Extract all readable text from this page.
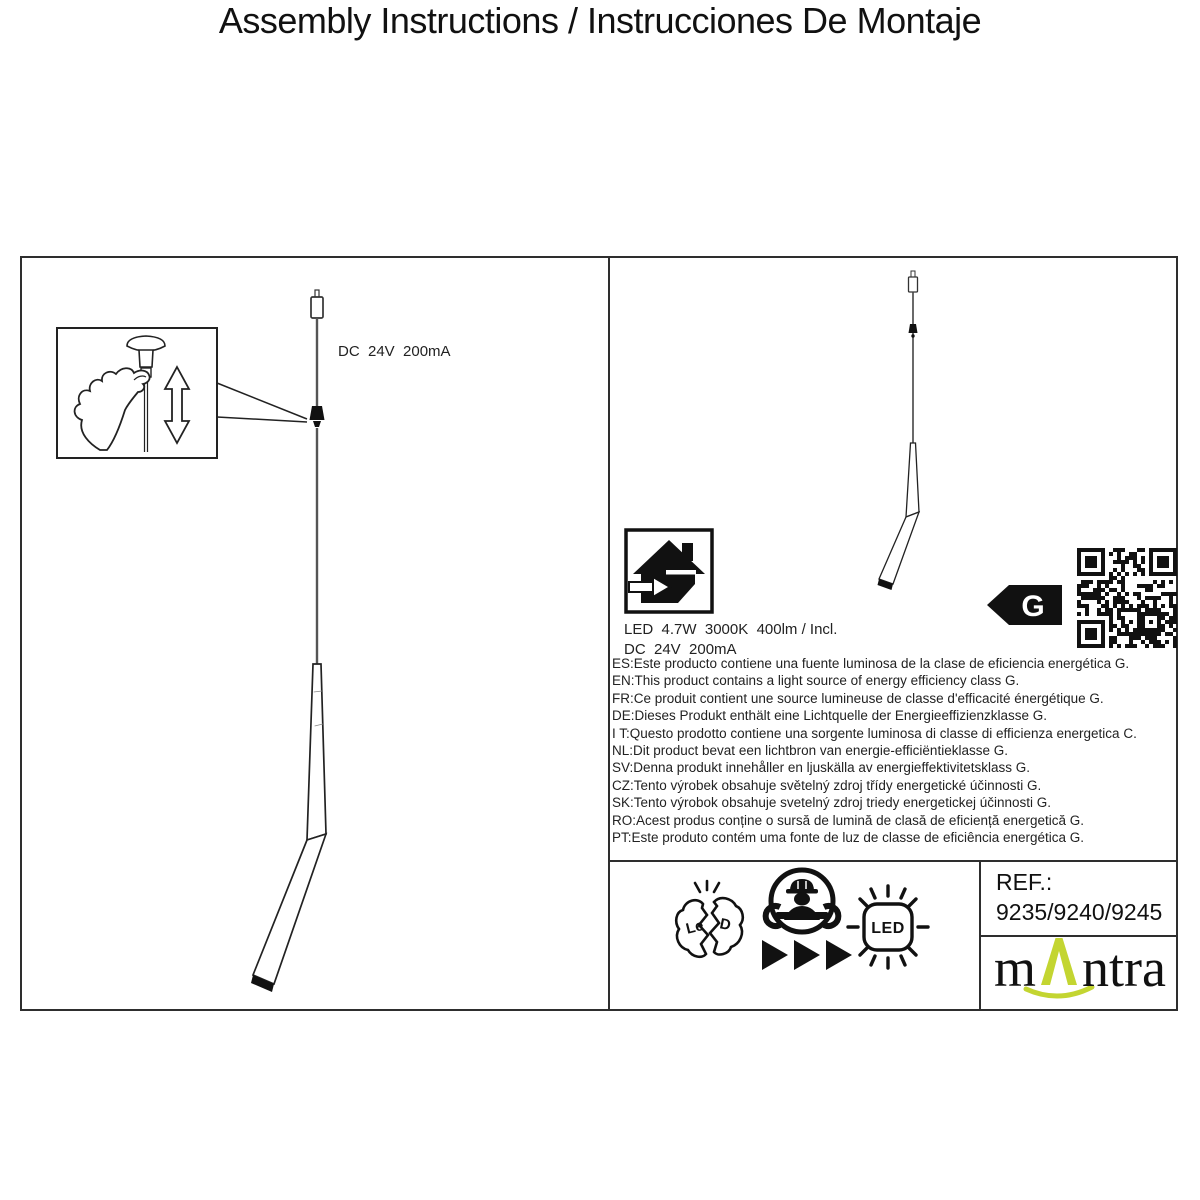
Assembly Instructions / Instrucciones De Montaje
DC  24V  200mA
LED  4.7W  3000K  400lm / Incl.
DC  24V  200mA
G
ES:Este producto contiene una fuente luminosa de la clase de eficiencia energética G.
EN:This product contains a light source of energy efficiency class G.
FR:Ce produit contient une source lumineuse de classe d'efficacité énergétique G.
DE:Dieses Produkt enthält eine Lichtquelle der Energieeffizienzklasse G.
I T:Questo prodotto contiene una sorgente luminosa di classe di efficienza energetica C.
NL:Dit product bevat een lichtbron van energie-efficiëntieklasse G.
SV:Denna produkt innehåller en ljuskälla av energieffektivitetsklass G.
CZ:Tento výrobek obsahuje světelný zdroj třídy energetické účinnosti G.
SK:Tento výrobok obsahuje svetelný zdroj triedy energetickej účinnosti G.
RO:Acest produs conține o sursă de lumină de clasă de eficiență energetică G.
PT:Este produto contém uma fonte de luz de classe de eficiência energética G.
Le D	LED
REF.:
9235/9240/9245
m ntra
